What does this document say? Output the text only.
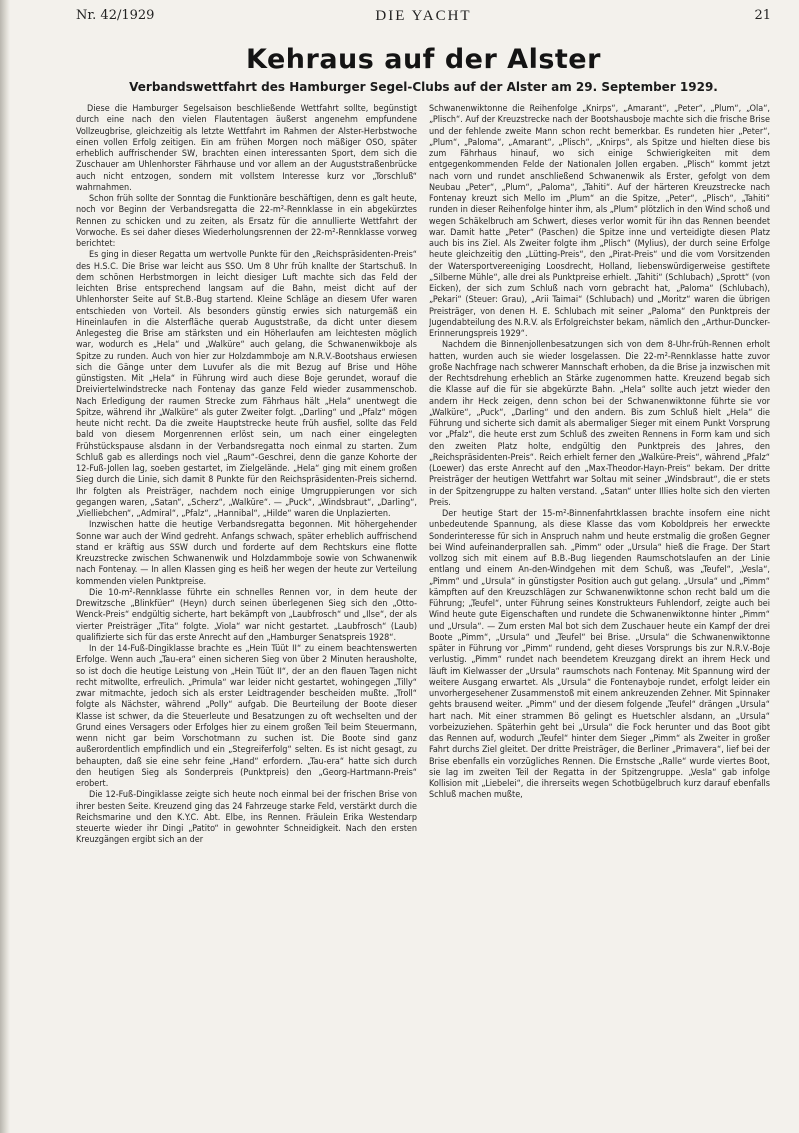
Nr. 42/1929	DIE YACHT	21
Kehraus auf der Alster
Verbandswettfahrt des Hamburger Segel-Clubs auf der Alster am 29. September 1929.

Diese die Hamburger Segelsaison beschließende Wettfahrt sollte, begünstigt durch eine nach den vielen Flautentagen äußerst angenehm empfundene Vollzeugbrise, gleichzeitig als letzte Wettfahrt im Rahmen der Alster-Herbstwoche einen vollen Erfolg zeitigen. Ein am frühen Morgen noch mäßiger OSO, später erheblich auffrischender SW, brachten einen interessanten Sport, dem sich die Zuschauer am Uhlenhorster Fährhause und vor allem an der Auguststraßenbrücke auch nicht entzogen, sondern mit vollstem Interesse kurz vor „Torschluß“ wahrnahmen.

Schon früh sollte der Sonntag die Funktionäre beschäftigen, denn es galt heute, noch vor Beginn der Verbandsregatta die 22-m²-Rennklasse in ein abgekürztes Rennen zu schicken und zu zeiten, als Ersatz für die annullierte Wettfahrt der Vorwoche. Es sei daher dieses Wiederholungsrennen der 22-m²-Rennklasse vorweg berichtet:

Es ging in dieser Regatta um wertvolle Punkte für den „Reichspräsidenten-Preis“ des H.S.C. Die Brise war leicht aus SSO. Um 8 Uhr früh knallte der Startschuß. In dem schönen Herbstmorgen in leicht diesiger Luft machte sich das Feld der leichten Brise entsprechend langsam auf die Bahn, meist dicht auf der Uhlenhorster Seite auf St.B.-Bug startend. Kleine Schläge an diesem Ufer waren entschieden von Vorteil. Als besonders günstig erwies sich naturgemäß ein Hineinlaufen in die Alsterfläche querab Auguststraße, da dicht unter diesem Anlegesteg die Brise am stärksten und ein Höherlaufen am leichtesten möglich war, wodurch es „Hela“ und „Walküre“ auch gelang, die Schwanenwikboje als Spitze zu runden. Auch von hier zur Holzdammboje am N.R.V.-Bootshaus erwiesen sich die Gänge unter dem Luvufer als die mit Bezug auf Brise und Höhe günstigsten. Mit „Hela“ in Führung wird auch diese Boje gerundet, worauf die Dreiviertelwindstrecke nach Fontenay das ganze Feld wieder zusammenschob. Nach Erledigung der raumen Strecke zum Fährhaus hält „Hela“ unentwegt die Spitze, während ihr „Walküre“ als guter Zweiter folgt. „Darling“ und „Pfalz“ mögen heute nicht recht. Da die zweite Hauptstrecke heute früh ausfiel, sollte das Feld bald von diesem Morgenrennen erlöst sein, um nach einer eingelegten Frühstückspause alsdann in der Verbandsregatta noch einmal zu starten. Zum Schluß gab es allerdings noch viel „Raum“-Geschrei, denn die ganze Kohorte der 12-Fuß-Jollen lag, soeben gestartet, im Zielgelände. „Hela“ ging mit einem großen Sieg durch die Linie, sich damit 8 Punkte für den Reichspräsidenten-Preis sichernd. Ihr folgten als Preisträger, nachdem noch einige Umgruppierungen vor sich gegangen waren, „Satan“, „Scherz“, „Walküre“. — „Puck“, „Windsbraut“, „Darling“, „Vielliebchen“, „Admiral“, „Pfalz“, „Hannibal“, „Hilde“ waren die Unplazierten.

Inzwischen hatte die heutige Verbandsregatta begonnen. Mit höhergehender Sonne war auch der Wind gedreht. Anfangs schwach, später erheblich auffrischend stand er kräftig aus SSW durch und forderte auf dem Rechtskurs eine flotte Kreuzstrecke zwischen Schwanenwik und Holzdammboje sowie von Schwanenwik nach Fontenay. — In allen Klassen ging es heiß her wegen der heute zur Verteilung kommenden vielen Punktpreise.

Die 10-m²-Rennklasse führte ein schnelles Rennen vor, in dem heute der Drewitzsche „Blinkfüer“ (Heyn) durch seinen überlegenen Sieg sich den „Otto-Wenck-Preis“ endgültig sicherte, hart bekämpft von „Laubfrosch“ und „Ilse“, der als vierter Preisträger „Tita“ folgte. „Viola“ war nicht gestartet. „Laubfrosch“ (Laub) qualifizierte sich für das erste Anrecht auf den „Hamburger Senatspreis 1928“.

In der 14-Fuß-Dingiklasse brachte es „Hein Tüüt II“ zu einem beachtenswerten Erfolge. Wenn auch „Tau-era“ einen sicheren Sieg von über 2 Minuten herausholte, so ist doch die heutige Leistung von „Hein Tüüt II“, der an den flauen Tagen nicht recht mitwollte, erfreulich. „Primula“ war leider nicht gestartet, wohingegen „Tilly“ zwar mitmachte, jedoch sich als erster Leidtragender bescheiden mußte. „Troll“ folgte als Nächster, während „Polly“ aufgab. Die Beurteilung der Boote dieser Klasse ist schwer, da die Steuerleute und Besatzungen zu oft wechselten und der Grund eines Versagers oder Erfolges hier zu einem großen Teil beim Steuermann, wenn nicht gar beim Vorschotmann zu suchen ist. Die Boote sind ganz außerordentlich empfindlich und ein „Stegreiferfolg“ selten. Es ist nicht gesagt, zu behaupten, daß sie eine sehr feine „Hand“ erfordern. „Tau-era“ hatte sich durch den heutigen Sieg als Sonderpreis (Punktpreis) den „Georg-Hartmann-Preis“ erobert.

Die 12-Fuß-Dingiklasse zeigte sich heute noch einmal bei der frischen Brise von ihrer besten Seite. Kreuzend ging das 24 Fahrzeuge starke Feld, verstärkt durch die Reichsmarine und den K.Y.C. Abt. Elbe, ins Rennen. Fräulein Erika Westendarp steuerte wieder ihr Dingi „Patito“ in gewohnter Schneidigkeit. Nach den ersten Kreuzgängen ergibt sich an der

Schwanenwiktonne die Reihenfolge „Knirps“, „Amarant“, „Peter“, „Plum“, „Ola“, „Plisch“. Auf der Kreuzstrecke nach der Bootshausboje machte sich die frische Brise und der fehlende zweite Mann schon recht bemerkbar. Es rundeten hier „Peter“, „Plum“, „Paloma“, „Amarant“, „Plisch“, „Knirps“, als Spitze und hielten diese bis zum Fährhaus hinauf, wo sich einige Schwierigkeiten mit dem entgegenkommenden Felde der Nationalen Jollen ergaben. „Plisch“ kommt jetzt nach vorn und rundet anschließend Schwanenwik als Erster, gefolgt von dem Neubau „Peter“, „Plum“, „Paloma“, „Tahiti“. Auf der härteren Kreuzstrecke nach Fontenay kreuzt sich Mello im „Plum“ an die Spitze, „Peter“, „Plisch“, „Tahiti“ runden in dieser Reihenfolge hinter ihm, als „Plum“ plötzlich in den Wind schoß und wegen Schäkelbruch am Schwert, dieses verlor womit für ihn das Rennen beendet war. Damit hatte „Peter“ (Paschen) die Spitze inne und verteidigte diesen Platz auch bis ins Ziel. Als Zweiter folgte ihm „Plisch“ (Mylius), der durch seine Erfolge heute gleichzeitig den „Lütting-Preis“, den „Pirat-Preis“ und die vom Vorsitzenden der Watersportvereeniging Loosdrecht, Holland, liebenswürdigerweise gestiftete „Silberne Mühle“, alle drei als Punktpreise erhielt. „Tahiti“ (Schlubach) „Sprott“ (von Eicken), der sich zum Schluß nach vorn gebracht hat, „Paloma“ (Schlubach), „Pekari“ (Steuer: Grau), „Arii Taimai“ (Schlubach) und „Moritz“ waren die übrigen Preisträger, von denen H. E. Schlubach mit seiner „Paloma“ den Punktpreis der Jugendabteilung des N.R.V. als Erfolgreichster bekam, nämlich den „Arthur-Duncker-Erinnerungspreis 1929“.

Nachdem die Binnenjollenbesatzungen sich von dem 8-Uhr-früh-Rennen erholt hatten, wurden auch sie wieder losgelassen. Die 22-m²-Rennklasse hatte zuvor große Nachfrage nach schwerer Mannschaft erhoben, da die Brise ja inzwischen mit der Rechtsdrehung erheblich an Stärke zugenommen hatte. Kreuzend begab sich die Klasse auf die für sie abgekürzte Bahn. „Hela“ sollte auch jetzt wieder den andern ihr Heck zeigen, denn schon bei der Schwanenwiktonne führte sie vor „Walküre“, „Puck“, „Darling“ und den andern. Bis zum Schluß hielt „Hela“ die Führung und sicherte sich damit als abermaliger Sieger mit einem Punkt Vorsprung vor „Pfalz“, die heute erst zum Schluß des zweiten Rennens in Form kam und sich den zweiten Platz holte, endgültig den Punktpreis des Jahres, den „Reichspräsidenten-Preis“. Reich erhielt ferner den „Walküre-Preis“, während „Pfalz“ (Loewer) das erste Anrecht auf den „Max-Theodor-Hayn-Preis“ bekam. Der dritte Preisträger der heutigen Wettfahrt war Soltau mit seiner „Windsbraut“, die er stets in der Spitzengruppe zu halten verstand. „Satan“ unter Illies holte sich den vierten Preis.

Der heutige Start der 15-m²-Binnenfahrtklassen brachte insofern eine nicht unbedeutende Spannung, als diese Klasse das vom Koboldpreis her erweckte Sonderinteresse für sich in Anspruch nahm und heute erstmalig die großen Gegner bei Wind aufeinanderprallen sah. „Pimm“ oder „Ursula“ hieß die Frage. Der Start vollzog sich mit einem auf B.B.-Bug liegenden Raumschotslaufen an der Linie entlang und einem An-den-Windgehen mit dem Schuß, was „Teufel“, „Vesla“, „Pimm“ und „Ursula“ in günstigster Position auch gut gelang. „Ursula“ und „Pimm“ kämpften auf den Kreuzschlägen zur Schwanenwiktonne schon recht bald um die Führung; „Teufel“, unter Führung seines Konstrukteurs Fuhlendorf, zeigte auch bei Wind heute gute Eigenschaften und rundete die Schwanenwiktonne hinter „Pimm“ und „Ursula“. — Zum ersten Mal bot sich dem Zuschauer heute ein Kampf der drei Boote „Pimm“, „Ursula“ und „Teufel“ bei Brise. „Ursula“ die Schwanenwiktonne später in Führung vor „Pimm“ rundend, geht dieses Vorsprungs bis zur N.R.V.-Boje verlustig. „Pimm“ rundet nach beendetem Kreuzgang direkt an ihrem Heck und läuft im Kielwasser der „Ursula“ raumschots nach Fontenay. Mit Spannung wird der weitere Ausgang erwartet. Als „Ursula“ die Fontenayboje rundet, erfolgt leider ein unvorhergesehener Zusammenstoß mit einem ankreuzenden Zehner. Mit Spinnaker gehts brausend weiter. „Pimm“ und der diesem folgende „Teufel“ drängen „Ursula“ hart nach. Mit einer strammen Bö gelingt es Huetschler alsdann, an „Ursula“ vorbeizuziehen. Späterhin geht bei „Ursula“ die Fock herunter und das Boot gibt das Rennen auf, wodurch „Teufel“ hinter dem Sieger „Pimm“ als Zweiter in großer Fahrt durchs Ziel gleitet. Der dritte Preisträger, die Berliner „Primavera“, lief bei der Brise ebenfalls ein vorzügliches Rennen. Die Ernstsche „Ralle“ wurde viertes Boot, sie lag im zweiten Teil der Regatta in der Spitzengruppe. „Vesla“ gab infolge Kollision mit „Liebelei“, die ihrerseits wegen Schotbügelbruch kurz darauf ebenfalls Schluß machen mußte,
